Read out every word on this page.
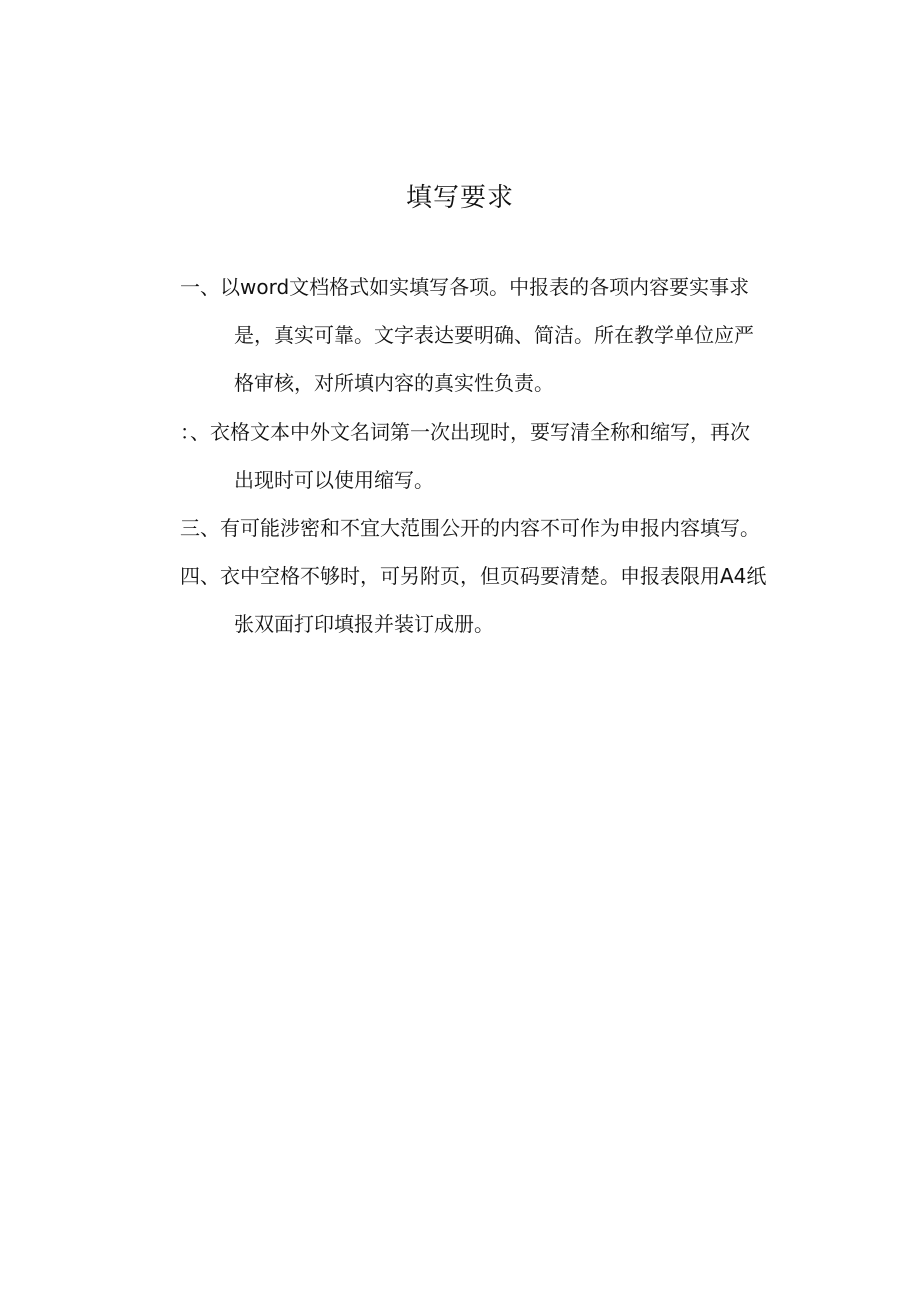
填写要求
一、以word文档格式如实填写各项。中报表的各项内容要实事求
是，真实可靠。文字表达要明确、简洁。所在教学单位应严
格审核，对所填内容的真实性负责。
：、衣格文本中外文名词第一次出现时，要写清全称和缩写，再次
出现时可以使用缩写。
三、有可能涉密和不宜大范围公开的内容不可作为申报内容填写。
四、衣中空格不够时，可另附页，但页码要清楚。申报表限用A4纸
张双面打印填报并装订成册。
